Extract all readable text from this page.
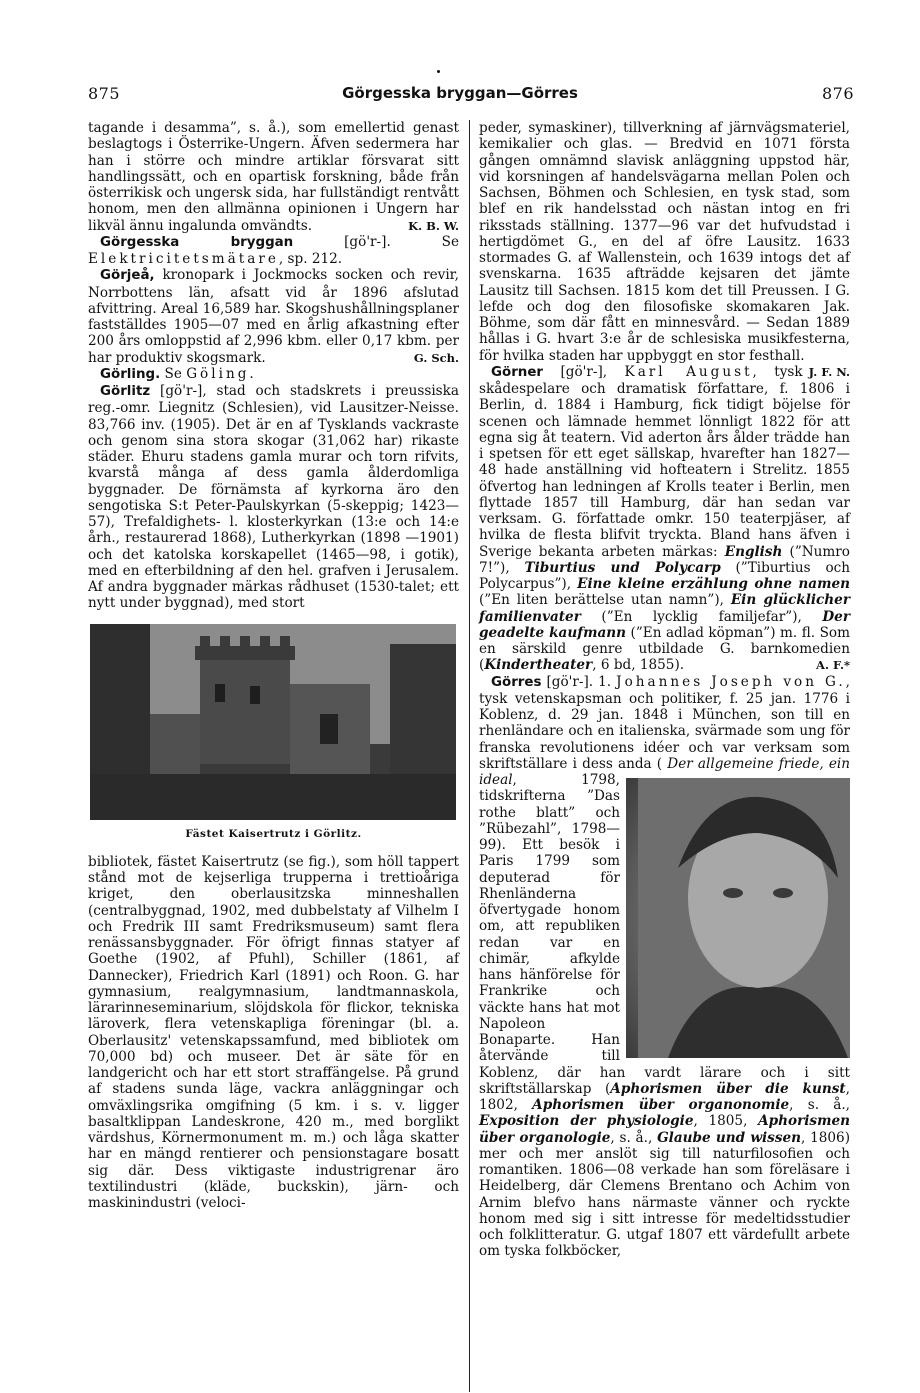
875	Görgesska bryggan—Görres	876

tagande i desamma”, s. å.), som emellertid genast beslagtogs i Österrike-Ungern. Äfven sedermera har han i större och mindre artiklar försvarat sitt handlingssätt, och en opartisk forskning, både från österrikisk och ungersk sida, har fullständigt rentvått honom, men den allmänna opinionen i Ungern har likväl ännu ingalunda omvändts.	K. B. W.

Görgesska bryggan	[gö'r-]. Se Elektricitetsmätare, sp. 212.

Görjeå, kronopark i Jockmocks socken och revir, Norrbottens län, afsatt vid år 1896 afslutad afvittring. Areal 16,589 har. Skogshushållningsplaner fastställdes 1905—07 med en årlig afkastning efter 200 års omloppstid af 2,996 kbm. eller 0,17 kbm. per har produktiv skogsmark.	G. Sch.

Görling. Se Göling.

Görlitz [gö'r-], stad och stadskrets i preussiska reg.-omr. Liegnitz (Schlesien), vid Lausitzer-Neisse. 83,766 inv. (1905). Det är en af Tysklands vackraste och genom sina stora skogar (31,062 har) rikaste städer. Ehuru stadens gamla murar och torn rifvits, kvarstå många af dess gamla ålderdomliga byggnader. De förnämsta af kyrkorna äro den sengotiska S:t Peter-Paulskyrkan (5-skeppig; 1423—57), Trefaldighets- l. klosterkyrkan (13:e och 14:e årh., restaurerad 1868), Lutherkyrkan (1898 —1901) och det katolska korskapellet (1465—98, i gotik), med en efterbildning af den hel. grafven i Jerusalem. Af andra byggnader märkas rådhuset (1530-talet; ett nytt under byggnad), med stort

Fästet Kaisertrutz i Görlitz.

bibliotek, fästet Kaisertrutz (se fig.), som höll tappert stånd mot de kejserliga trupperna i trettioåriga kriget, den oberlausitzska minneshallen (centralbyggnad, 1902, med dubbelstaty af Vilhelm I och Fredrik III samt Fredriksmuseum) samt flera renässansbyggnader. För öfrigt finnas statyer af Goethe (1902, af Pfuhl), Schiller (1861, af Dannecker), Friedrich Karl (1891) och Roon. G. har gymnasium, realgymnasium, landtmannaskola, lärarinneseminarium, slöjdskola för flickor, tekniska läroverk, flera vetenskapliga föreningar (bl. a. Oberlausitz' vetenskapssamfund, med bibliotek om 70,000 bd) och museer. Det är säte för en landgericht och har ett stort straffängelse. På grund af stadens sunda läge, vackra anläggningar och omväxlingsrika omgifning (5 km. i s. v. ligger basaltklippan Landeskrone, 420 m., med borglikt värdshus, Körnermonument m. m.) och låga skatter har en mängd rentierer och pensionstagare bosatt sig där. Dess viktigaste industrigrenar äro textilindustri (kläde, buckskin), järn- och maskinindustri (veloci-

peder, symaskiner), tillverkning af järnvägsmateriel, kemikalier och glas. — Bredvid en 1071 första gången omnämnd slavisk anläggning uppstod här, vid korsningen af handelsvägarna mellan Polen och Sachsen, Böhmen och Schlesien, en tysk stad, som blef en rik handelsstad och nästan intog en fri riksstads ställning. 1377—96 var det hufvudstad i hertigdömet G., en del af öfre Lausitz. 1633 stormades G. af Wallenstein, och 1639 intogs det af svenskarna. 1635 afträdde kejsaren det jämte Lausitz till Sachsen. 1815 kom det till Preussen. I G. lefde och dog den filosofiske skomakaren Jak. Böhme, som där fått en minnesvård. — Sedan 1889 hållas i G. hvart 3:e år de schlesiska musikfesterna, för hvilka staden har uppbyggt en stor festhall.
J. F. N.

Görner [gö'r-], Karl August, tysk skådespelare och dramatisk författare, f. 1806 i Berlin, d. 1884 i Hamburg, fick tidigt böjelse för scenen och lämnade hemmet lönnligt 1822 för att egna sig åt teatern. Vid aderton års ålder trädde han i spetsen för ett eget sällskap, hvarefter han 1827—48 hade anställning vid hofteatern i Strelitz. 1855 öfvertog han ledningen af Krolls teater i Berlin, men flyttade 1857 till Hamburg, där han sedan var verksam. G. författade omkr. 150 teaterpjäser, af hvilka de flesta blifvit tryckta. Bland hans äfven i Sverige bekanta arbeten märkas: English (”Numro 7!”), Tiburtius und Polycarp (”Tiburtius och Polycarpus”), Eine kleine erzählung ohne namen (”En liten berättelse utan namn”), Ein glücklicher familienvater (”En lycklig familjefar”), Der geadelte kaufmann (”En adlad köpman”) m. fl. Som en särskild genre utbildade G. barnkomedien (Kindertheater, 6 bd, 1855).	A. F.*

Görres [gö'r-]. 1. Johannes Joseph von G., tysk vetenskapsman och politiker, f. 25 jan. 1776 i Koblenz, d. 29 jan. 1848 i München, son till en rhenländare och en italienska, svärmade som ung för franska revolutionens idéer och var verksam som skriftställare i dess anda ( Der allgemeine friede, ein ideal, 1798, tidskrifterna ”Das rothe blatt” och ”Rübezahl”, 1798—99). Ett besök i Paris 1799 som deputerad för Rhenländerna öfvertygade honom om, att republiken redan var en chimär, afkylde hans hänförelse för Frankrike och väckte hans hat mot Napoleon Bonaparte. Han återvände till Koblenz, där han vardt lärare och i sitt skriftställarskap (Aphorismen über die kunst, 1802, Aphorismen über organonomie, s. å., Exposition der physiologie, 1805, Aphorismen über organologie, s. å., Glaube und wissen, 1806) mer och mer anslöt sig till naturfilosofien och romantiken. 1806—08 verkade han som föreläsare i Heidelberg, där Clemens Brentano och Achim von Arnim blefvo hans närmaste vänner och ryckte honom med sig i sitt intresse för medeltidsstudier och folklitteratur. G. utgaf 1807 ett värdefullt arbete om tyska folkböcker,
